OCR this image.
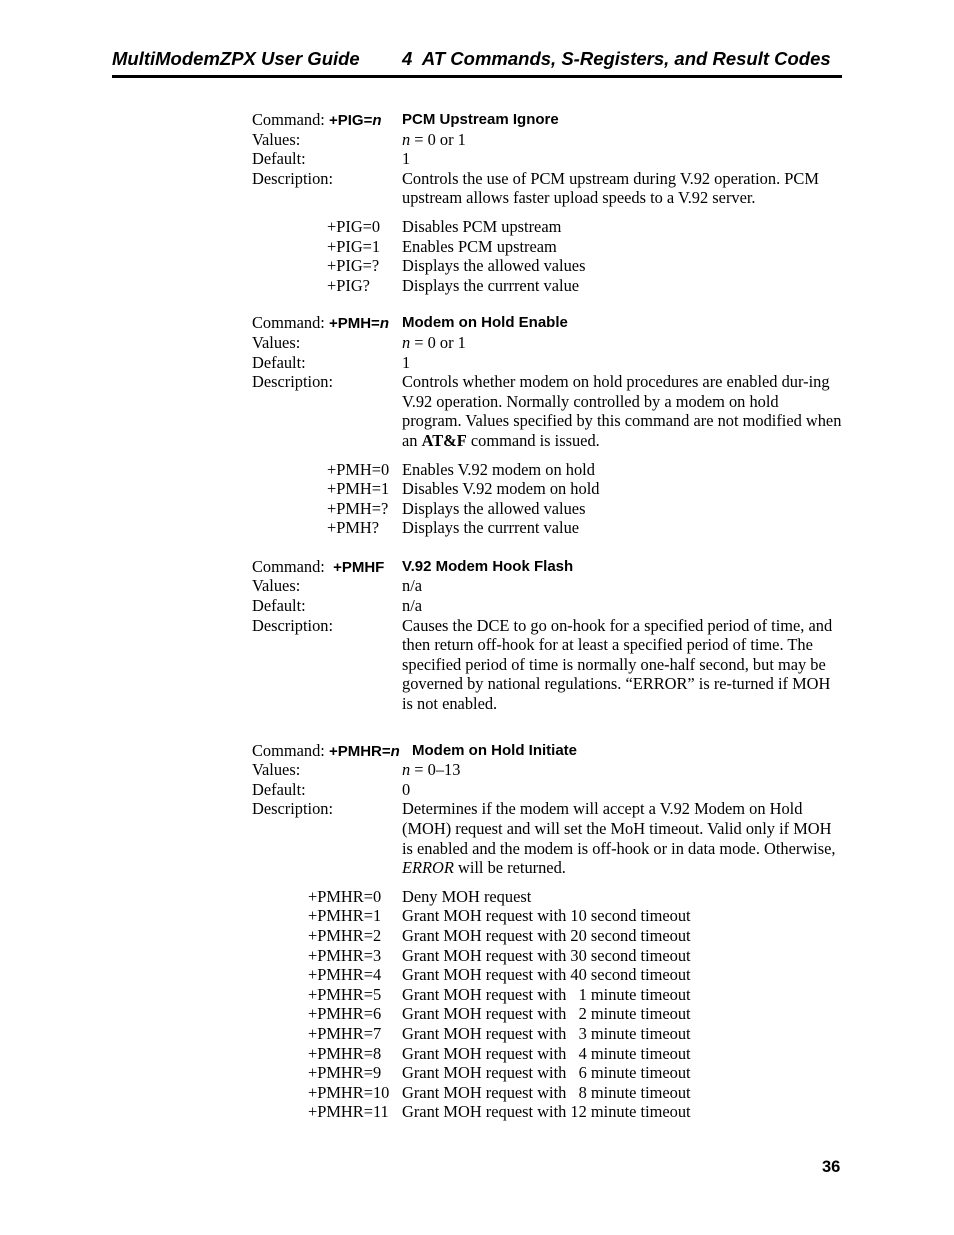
MultiModemZPX User Guide 4  AT Commands, S-Registers, and Result Codes
Command: +PIG=n PCM Upstream Ignore
Values:	n = 0 or 1
Default:	1
Description:	Controls the use of PCM upstream during V.92 operation. PCM upstream allows faster upload speeds to a V.92 server.
+PIG=0 Disables PCM upstream
+PIG=1 Enables PCM upstream
+PIG=? Displays the allowed values
+PIG? Displays the currrent value
Command: +PMH=n Modem on Hold Enable
Values:	n = 0 or 1
Default:	1
Description:	Controls whether modem on hold procedures are enabled dur-ing V.92 operation. Normally controlled by a modem on hold program. Values specified by this command are not modified when an AT&F command is issued.
+PMH=0 Enables V.92 modem on hold
+PMH=1 Disables V.92 modem on hold
+PMH=? Displays the allowed values
+PMH? Displays the currrent value
Command: +PMHF V.92 Modem Hook Flash
Values:	n/a
Default:	n/a
Description:	Causes the DCE to go on-hook for a specified period of time, and then return off-hook for at least a specified period of time. The specified period of time is normally one-half second, but may be governed by national regulations. “ERROR” is re-turned if MOH is not enabled.
Command: +PMHR=n Modem on Hold Initiate
Values:	n = 0–13
Default:	0
Description:	Determines if the modem will accept a V.92 Modem on Hold (MOH) request and will set the MoH timeout. Valid only if MOH is enabled and the modem is off-hook or in data mode. Otherwise, ERROR will be returned.
+PMHR=0 Deny MOH request
+PMHR=1 Grant MOH request with 10 second timeout
+PMHR=2 Grant MOH request with 20 second timeout
+PMHR=3 Grant MOH request with 30 second timeout
+PMHR=4 Grant MOH request with 40 second timeout
+PMHR=5 Grant MOH request with   1 minute timeout
+PMHR=6 Grant MOH request with   2 minute timeout
+PMHR=7 Grant MOH request with   3 minute timeout
+PMHR=8 Grant MOH request with   4 minute timeout
+PMHR=9 Grant MOH request with   6 minute timeout
+PMHR=10 Grant MOH request with   8 minute timeout
+PMHR=11 Grant MOH request with 12 minute timeout
36
